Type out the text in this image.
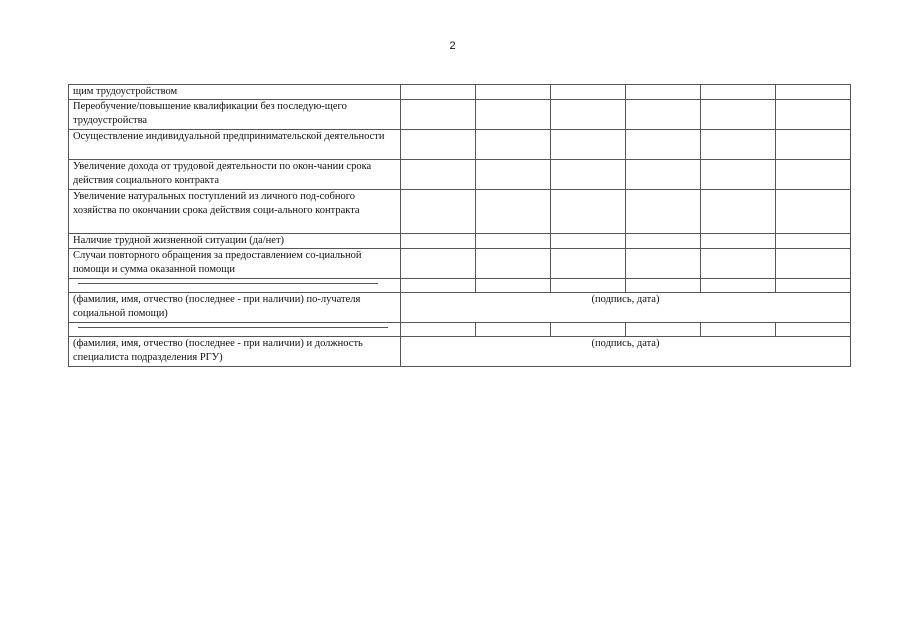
2
щим трудоустройством						
Переобучение/повышение квалификации без последую-щего трудоустройства						
Осуществление индивидуальной предпринимательской деятельности						
Увеличение дохода от трудовой деятельности по окон-чании срока действия социального контракта						
Увеличение натуральных поступлений из личного под-собного хозяйства по окончании срока действия соци-ального контракта						
Наличие трудной жизненной ситуации (да/нет)						
Случаи повторного обращения за предоставлением со-циальной помощи и сумма оказанной помощи						

(фамилия, имя, отчество (последнее - при наличии) по-лучателя социальной помощи)	(подпись, дата)					

(фамилия, имя, отчество (последнее - при наличии) и должность специалиста подразделения РГУ)	(подпись, дата)					
